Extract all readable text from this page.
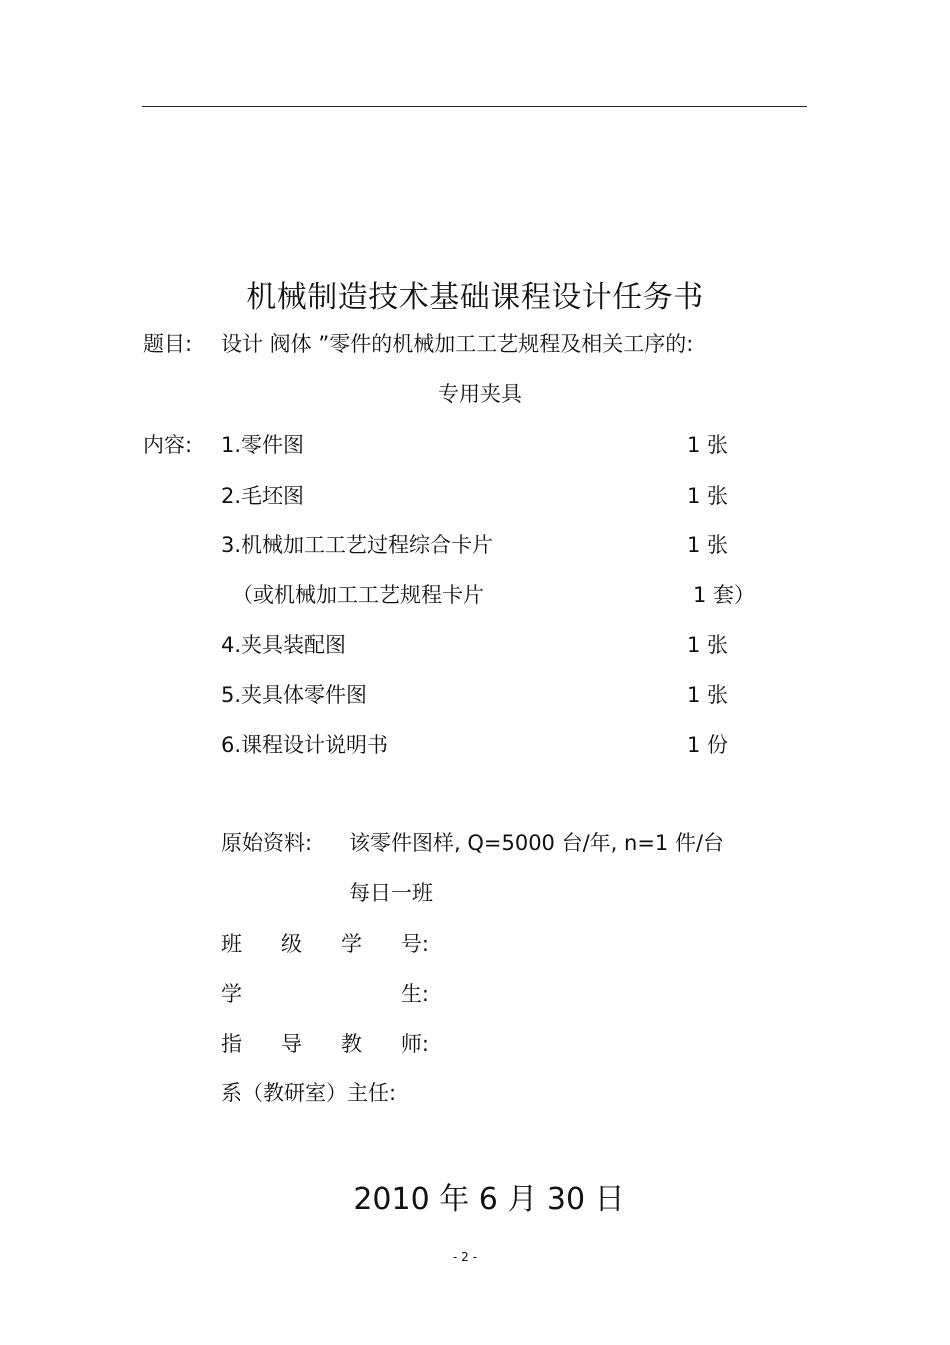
机械制造技术基础课程设计任务书
题目: 设计 阀体 ”零件的机械加工工艺规程及相关工序的:
专用夹具
内容: 1.零件图	1 张
2.毛坯图	1 张
3.机械加工工艺过程综合卡片	1 张
（或机械加工工艺规程卡片	1 套）
4.夹具装配图	1 张
5.夹具体零件图	1 张
6.课程设计说明书	1 份
原始资料: 该零件图样, Q=5000 台/年, n=1 件/台
每日一班
班 级 学 号:
学	生:
指 导 教 师:
系（教研室）主任:
2010 年 6 月 30 日
- 2 -
